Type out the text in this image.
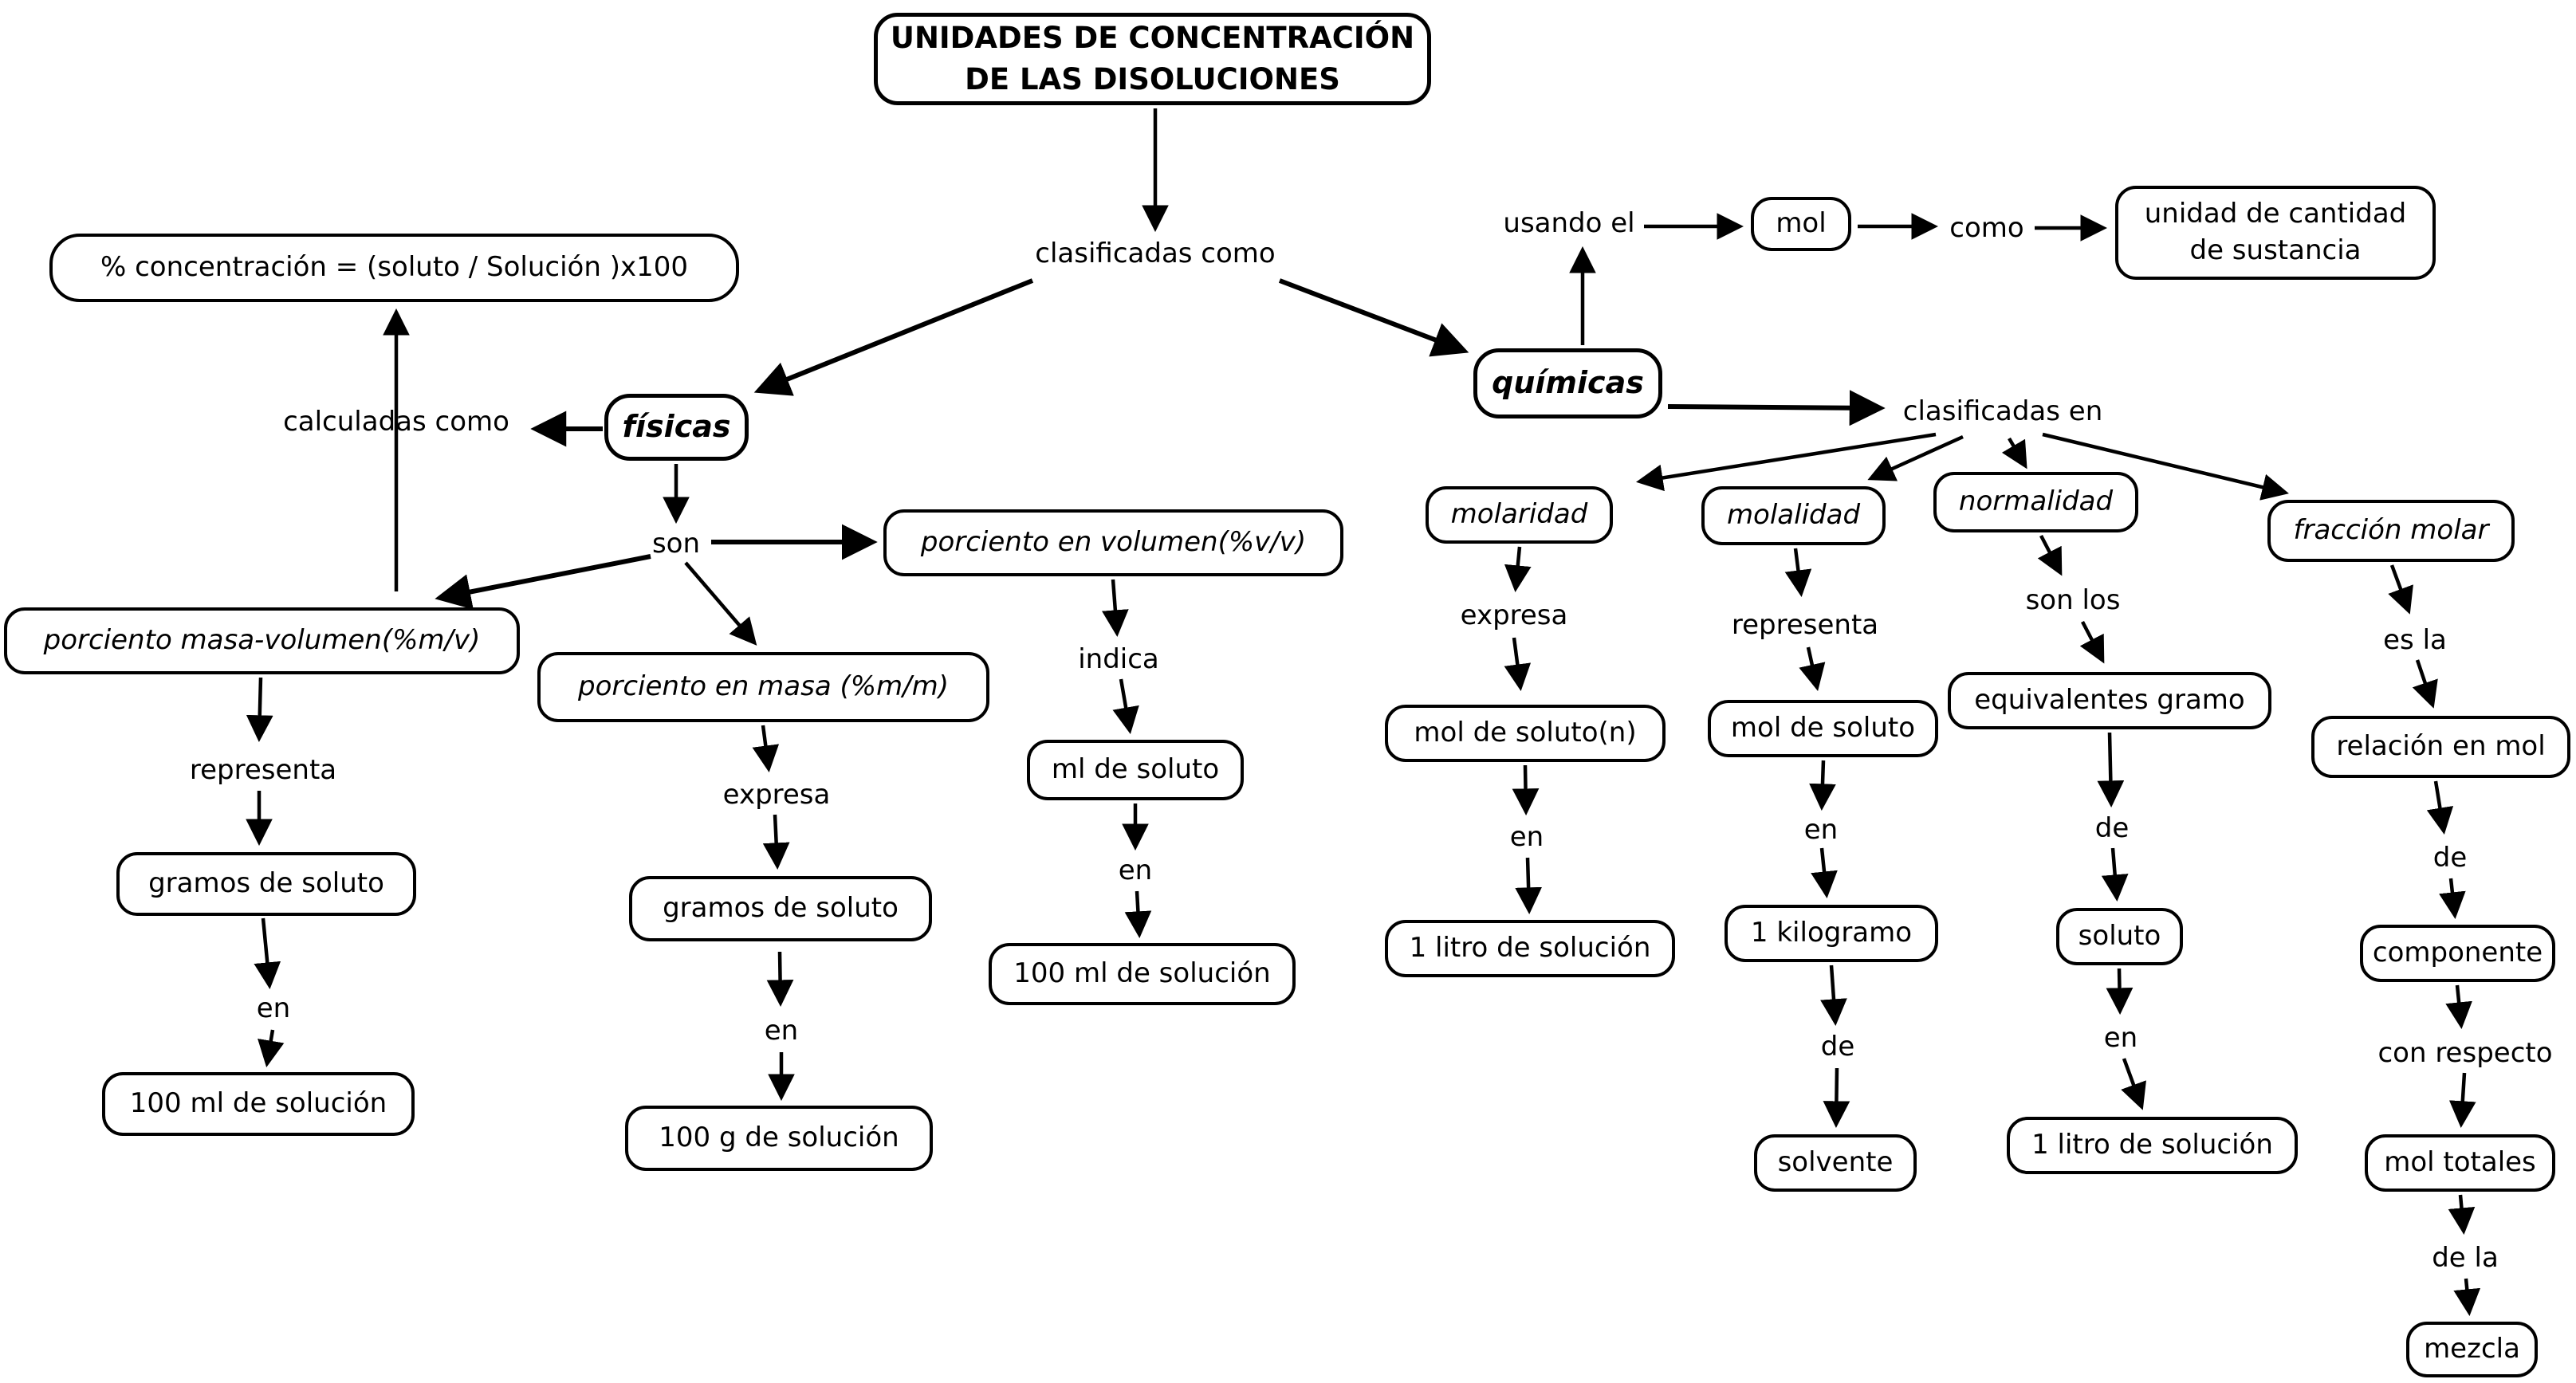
UNIDADES DE CONCENTRACIÓN DE LAS DISOLUCIONES
% concentración = (soluto / Solución )x100
físicas
químicas
mol	unidad de cantidad de sustancia
porciento masa-volumen(%m/v)
porciento en masa (%m/m)
porciento en volumen(%v/v)
gramos de soluto
100 ml de solución
gramos de soluto
100 g de solución
ml de soluto
100 ml de solución
molaridad	molalidad	normalidad
fracción molar
mol de soluto(n)	mol de soluto
equivalentes gramo
relación en mol
1 litro de solución	1 kilogramo	soluto
componente
solvente
1 litro de solución
mol totales
mezcla
clasificadas como
calculadas como
usando el	como
clasificadas en
son
representa
en
expresa
en
indica
en
expresa
en
representa
en
de
son los
de
en
es la
de
con respecto
de la
